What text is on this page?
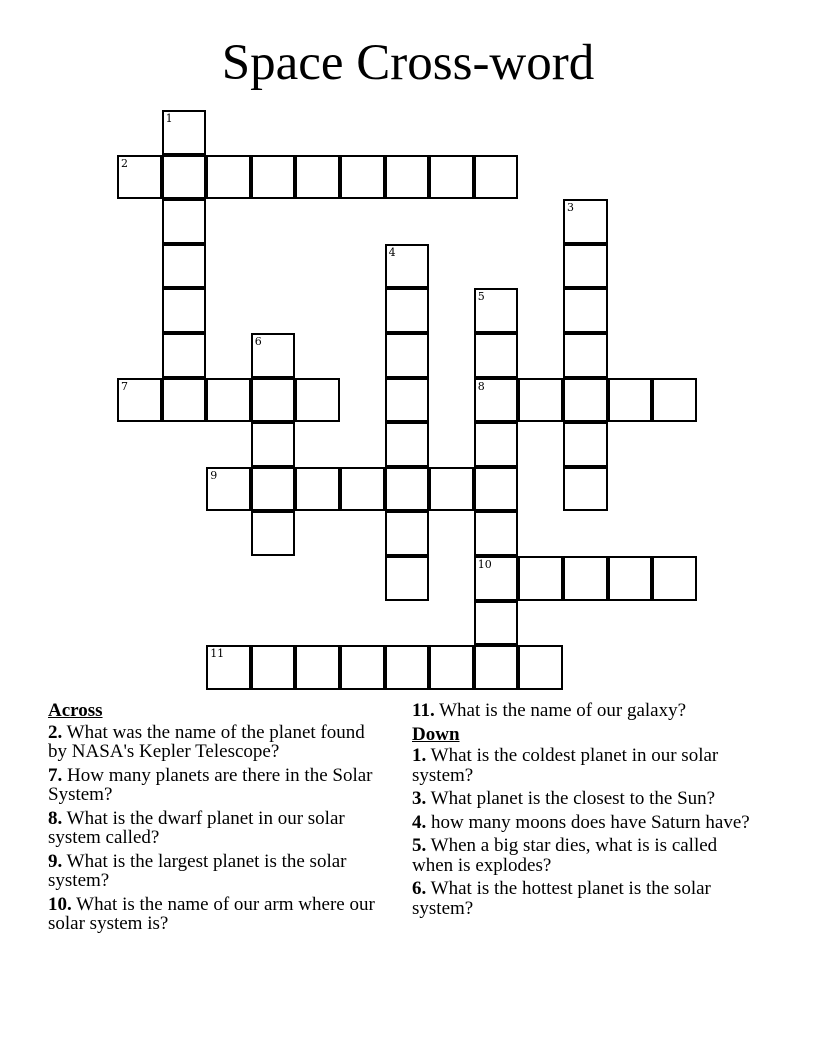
Space Cross-word
1
2
3
4
5
8
10
6
7
9
11
Across
2. What was the name of the planet found by NASA's Kepler Telescope?
7. How many planets are there in the Solar System?
8. What is the dwarf planet in our solar system called?
9. What is the largest planet is the solar system?
10. What is the name of our arm where our solar system is?
11. What is the name of our galaxy?
Down
1. What is the coldest planet in our solar system?
3. What planet is the closest to the Sun?
4. how many moons does have Saturn have?
5. When a big star dies, what is is called when is explodes?
6. What is the hottest planet is the solar system?
